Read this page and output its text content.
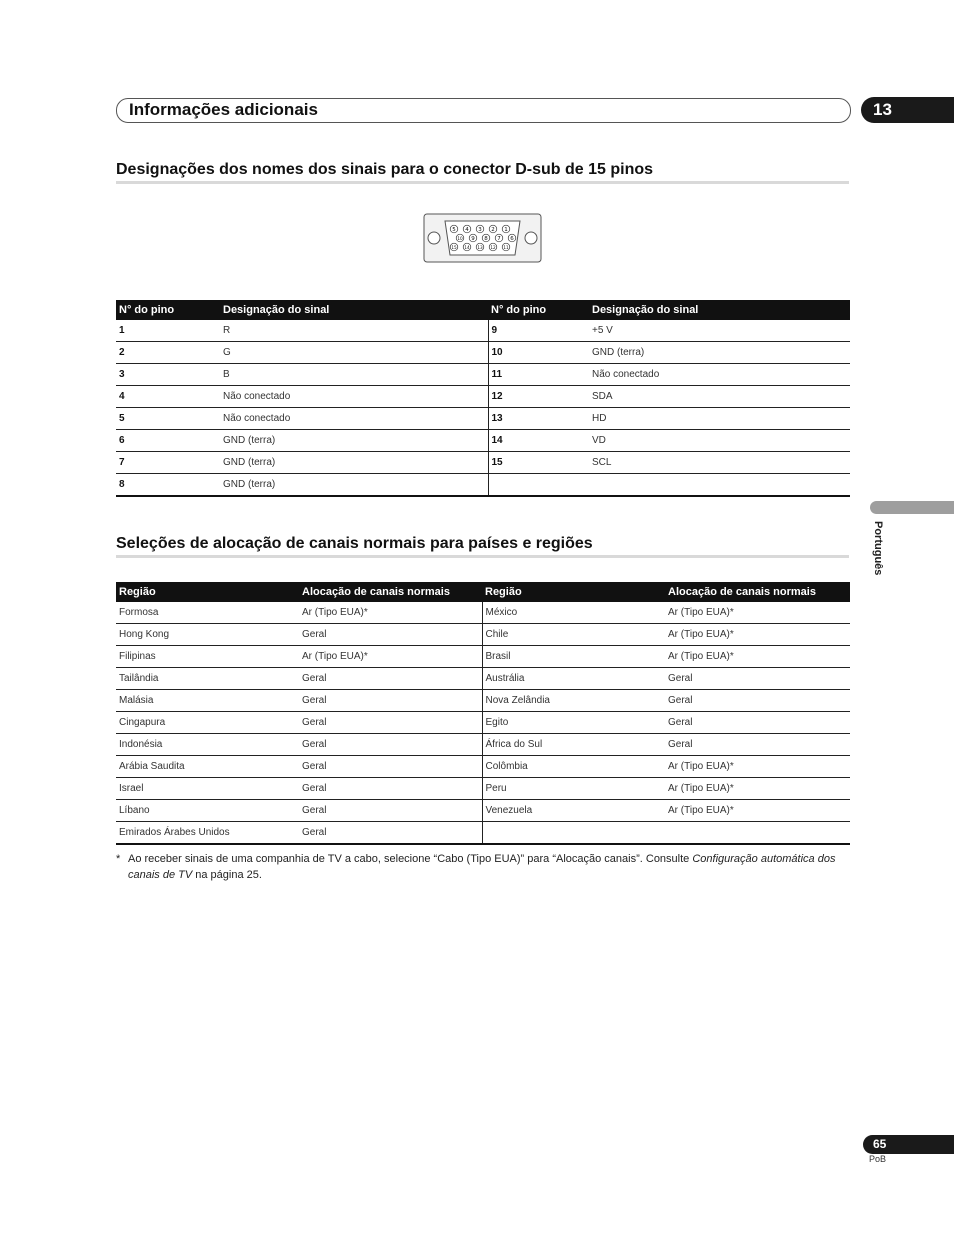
Informações adicionais	13
Designações dos nomes dos sinais para o conector D-sub de 15 pinos
5 4 3 2 1
10 9 8 7 6
15 14 13 12 11
N° do pino	Designação do sinal	N° do pino	Designação do sinal
1	R	9	+5 V
2	G	10	GND (terra)
3	B	11	Não conectado
4	Não conectado	12	SDA
5	Não conectado	13	HD
6	GND (terra)	14	VD
7	GND (terra)	15	SCL
8	GND (terra)		
Seleções de alocação de canais normais para países e regiões
Região	Alocação de canais normais	Região	Alocação de canais normais
Formosa	Ar (Tipo EUA)*	México	Ar (Tipo EUA)*
Hong Kong	Geral	Chile	Ar (Tipo EUA)*
Filipinas	Ar (Tipo EUA)*	Brasil	Ar (Tipo EUA)*
Tailândia	Geral	Austrália	Geral
Malásia	Geral	Nova Zelândia	Geral
Cingapura	Geral	Egito	Geral
Indonésia	Geral	África do Sul	Geral
Arábia Saudita	Geral	Colômbia	Ar (Tipo EUA)*
Israel	Geral	Peru	Ar (Tipo EUA)*
Líbano	Geral	Venezuela	Ar (Tipo EUA)*
Emirados Árabes Unidos	Geral		
* Ao receber sinais de uma companhia de TV a cabo, selecione “Cabo (Tipo EUA)” para “Alocação canais”. Consulte Configuração automática dos canais de TV na página 25.
Português
65
PoB
